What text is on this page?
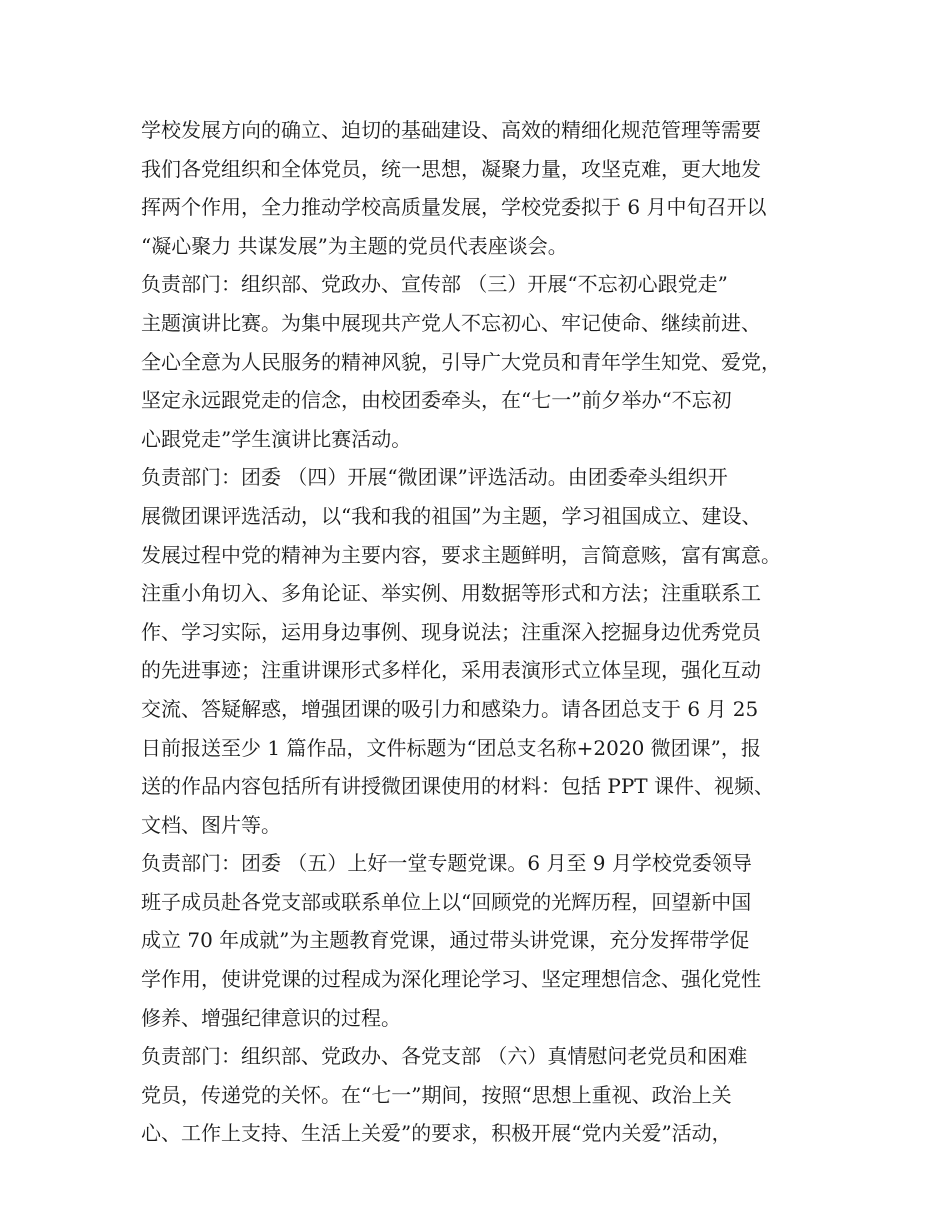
学校发展方向的确立、迫切的基础建设、高效的精细化规范管理等需要
我们各党组织和全体党员，统一思想，凝聚力量，攻坚克难，更大地发
挥两个作用，全力推动学校高质量发展，学校党委拟于 6 月中旬召开以
“凝心聚力 共谋发展”为主题的党员代表座谈会。
负责部门：组织部、党政办、宣传部 （三）开展“不忘初心跟党走”
主题演讲比赛。为集中展现共产党人不忘初心、牢记使命、继续前进、
全心全意为人民服务的精神风貌，引导广大党员和青年学生知党、爱党，
坚定永远跟党走的信念，由校团委牵头，在“七一”前夕举办“不忘初
心跟党走”学生演讲比赛活动。
负责部门：团委 （四）开展“微团课”评选活动。由团委牵头组织开
展微团课评选活动，以“我和我的祖国”为主题，学习祖国成立、建设、
发展过程中党的精神为主要内容，要求主题鲜明，言简意赅，富有寓意。
注重小角切入、多角论证、举实例、用数据等形式和方法；注重联系工
作、学习实际，运用身边事例、现身说法；注重深入挖掘身边优秀党员
的先进事迹；注重讲课形式多样化，采用表演形式立体呈现，强化互动
交流、答疑解惑，增强团课的吸引力和感染力。请各团总支于 6 月 25
日前报送至少 1 篇作品，文件标题为“团总支名称+2020 微团课”，报
送的作品内容包括所有讲授微团课使用的材料：包括 PPT 课件、视频、
文档、图片等。
负责部门：团委 （五）上好一堂专题党课。6 月至 9 月学校党委领导
班子成员赴各党支部或联系单位上以“回顾党的光辉历程，回望新中国
成立 70 年成就”为主题教育党课，通过带头讲党课，充分发挥带学促
学作用，使讲党课的过程成为深化理论学习、坚定理想信念、强化党性
修养、增强纪律意识的过程。
负责部门：组织部、党政办、各党支部 （六）真情慰问老党员和困难
党员，传递党的关怀。在“七一”期间，按照“思想上重视、政治上关
心、工作上支持、生活上关爱”的要求，积极开展“党内关爱”活动，
